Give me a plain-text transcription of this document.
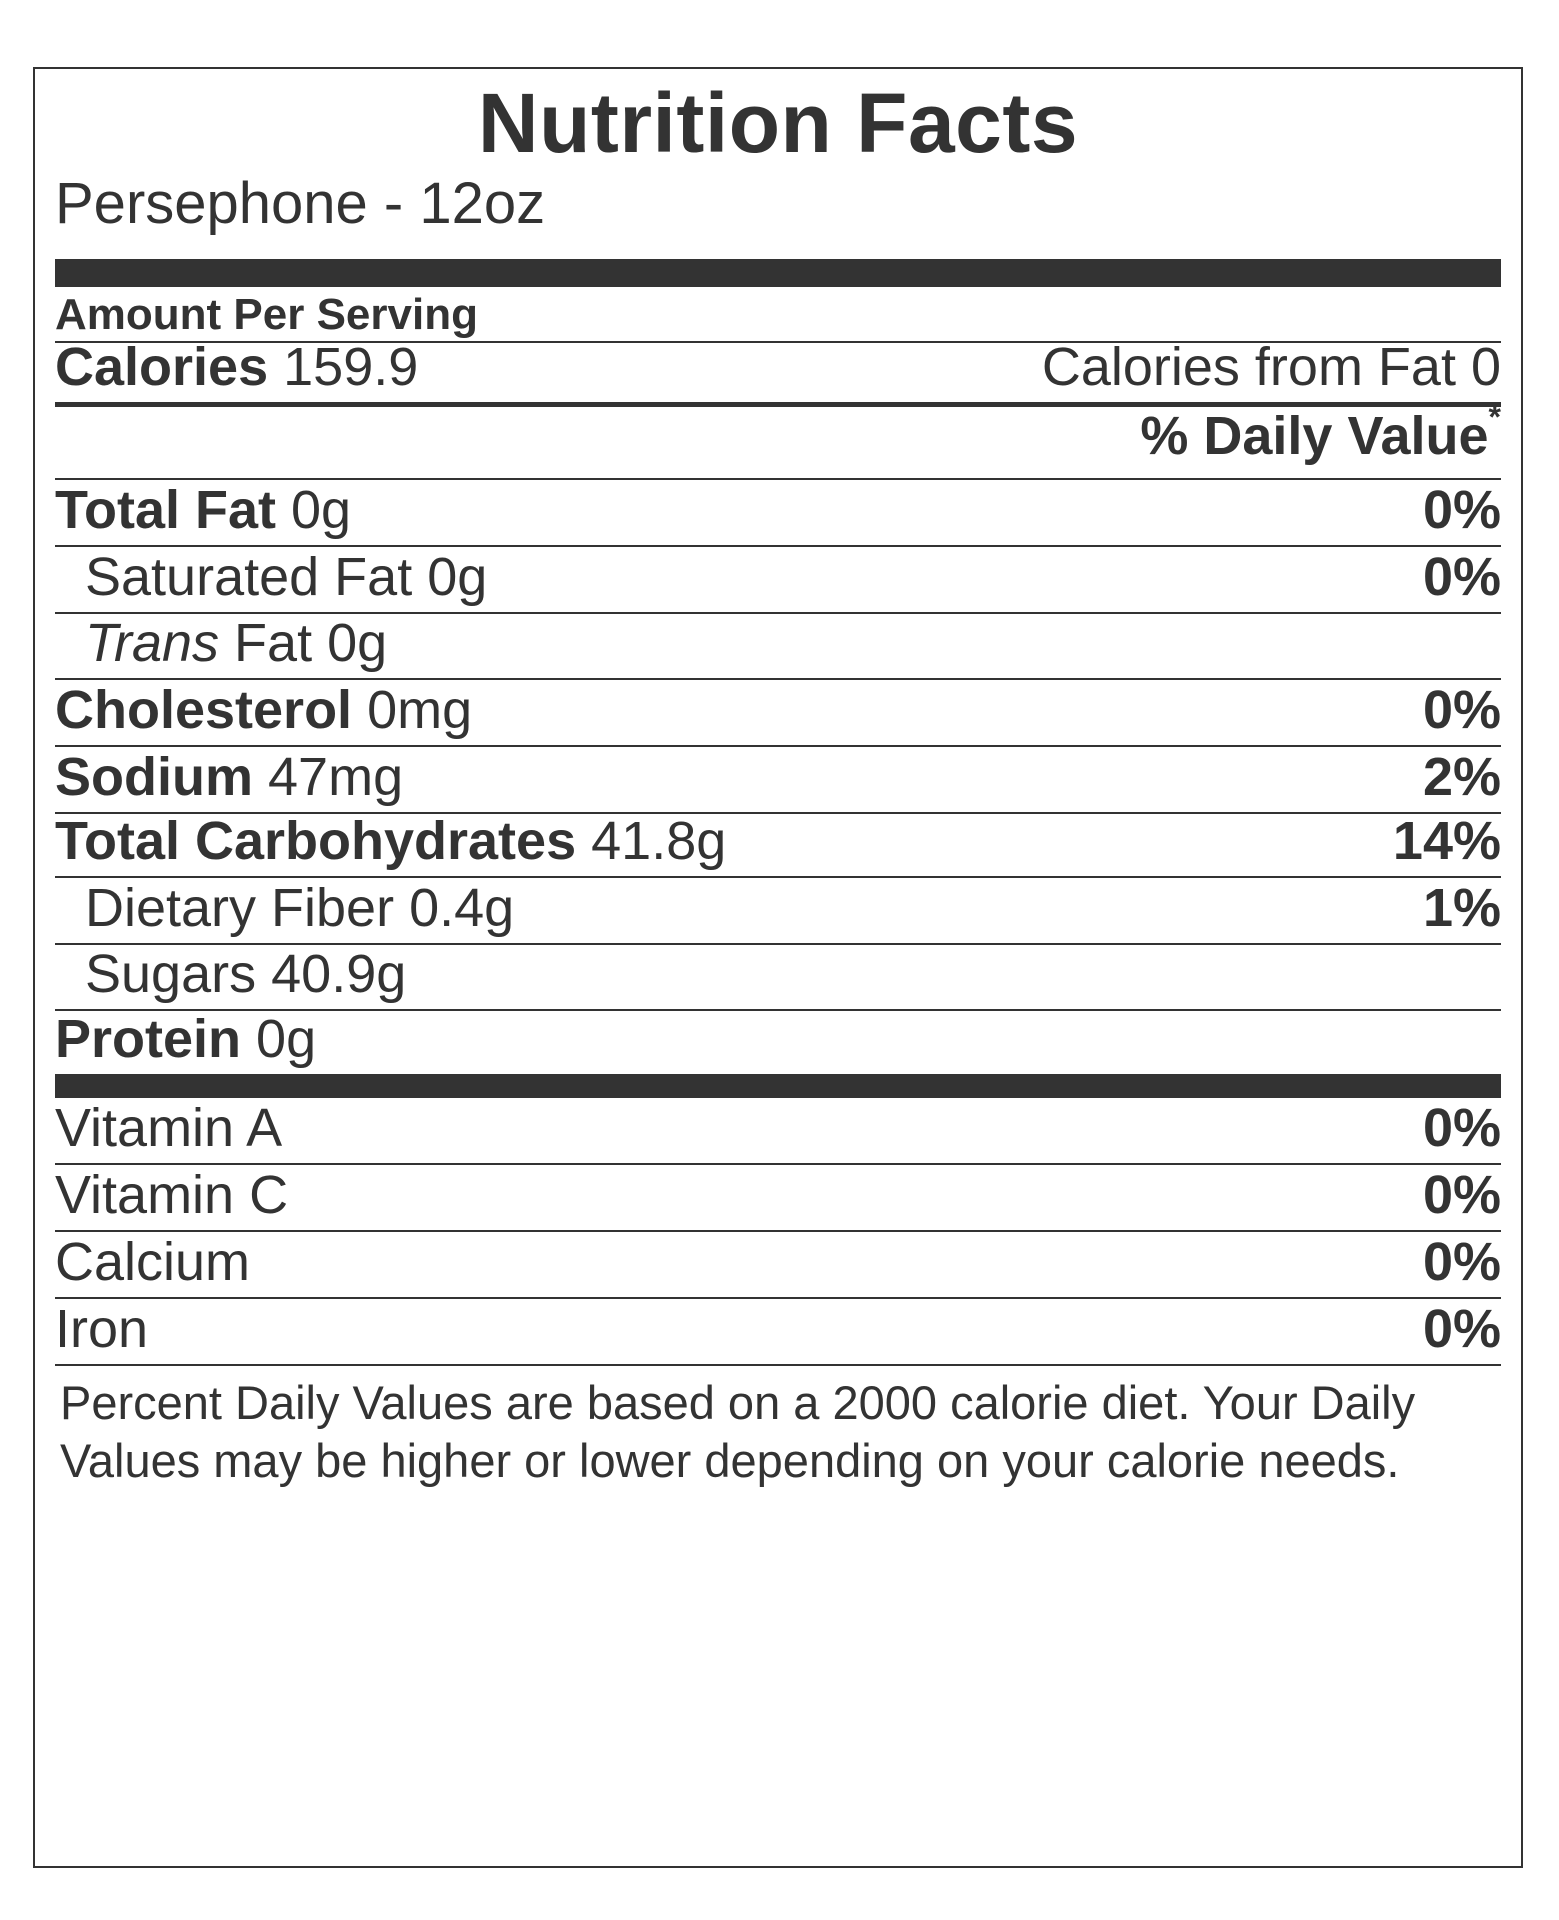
Nutrition Facts
Persephone - 12oz
Amount Per Serving
Calories 159.9	Calories from Fat 0
% Daily Value*
Total Fat 0g	0%
Saturated Fat 0g	0%
Trans Fat 0g
Cholesterol 0mg	0%
Sodium 47mg	2%
Total Carbohydrates 41.8g	14%
Dietary Fiber 0.4g	1%
Sugars 40.9g
Protein 0g
Vitamin A	0%
Vitamin C	0%
Calcium	0%
Iron	0%
Percent Daily Values are based on a 2000 calorie diet. Your Daily Values may be higher or lower depending on your calorie needs.
